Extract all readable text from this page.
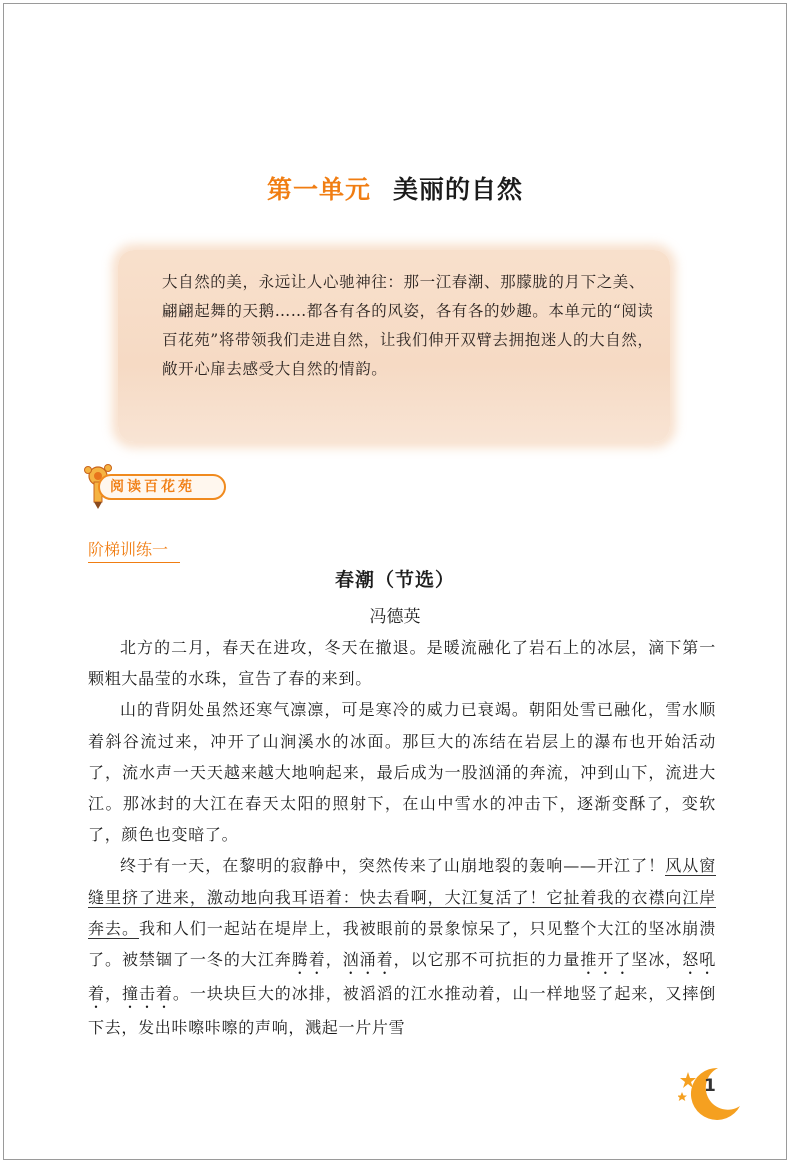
第一单元 美丽的自然

大自然的美，永远让人心驰神往：那一江春潮、那朦胧的月下之美、翩翩起舞的天鹅……都各有各的风姿，各有各的妙趣。本单元的“阅读百花苑”将带领我们走进自然，让我们伸开双臂去拥抱迷人的大自然，敞开心扉去感受大自然的情韵。

阅读百花苑
阶梯训练一
春潮（节选）
冯德英

北方的二月，春天在进攻，冬天在撤退。是暖流融化了岩石上的冰层，滴下第一颗粗大晶莹的水珠，宣告了春的来到。

山的背阴处虽然还寒气凛凛，可是寒冷的威力已衰竭。朝阳处雪已融化，雪水顺着斜谷流过来，冲开了山涧溪水的冰面。那巨大的冻结在岩层上的瀑布也开始活动了，流水声一天天越来越大地响起来，最后成为一股汹涌的奔流，冲到山下，流进大江。那冰封的大江在春天太阳的照射下，在山中雪水的冲击下，逐渐变酥了，变软了，颜色也变暗了。

终于有一天，在黎明的寂静中，突然传来了山崩地裂的轰响——开江了！风从窗缝里挤了进来，激动地向我耳语着：快去看啊，大江复活了！它扯着我的衣襟向江岸奔去。我和人们一起站在堤岸上，我被眼前的景象惊呆了，只见整个大江的坚冰崩溃了。被禁锢了一冬的大江奔腾着，汹涌着，以它那不可抗拒的力量推开了坚冰，怒吼着，撞击着。一块块巨大的冰排，被滔滔的江水推动着，山一样地竖了起来，又摔倒下去，发出咔嚓咔嚓的声响，溅起一片片雪

1
